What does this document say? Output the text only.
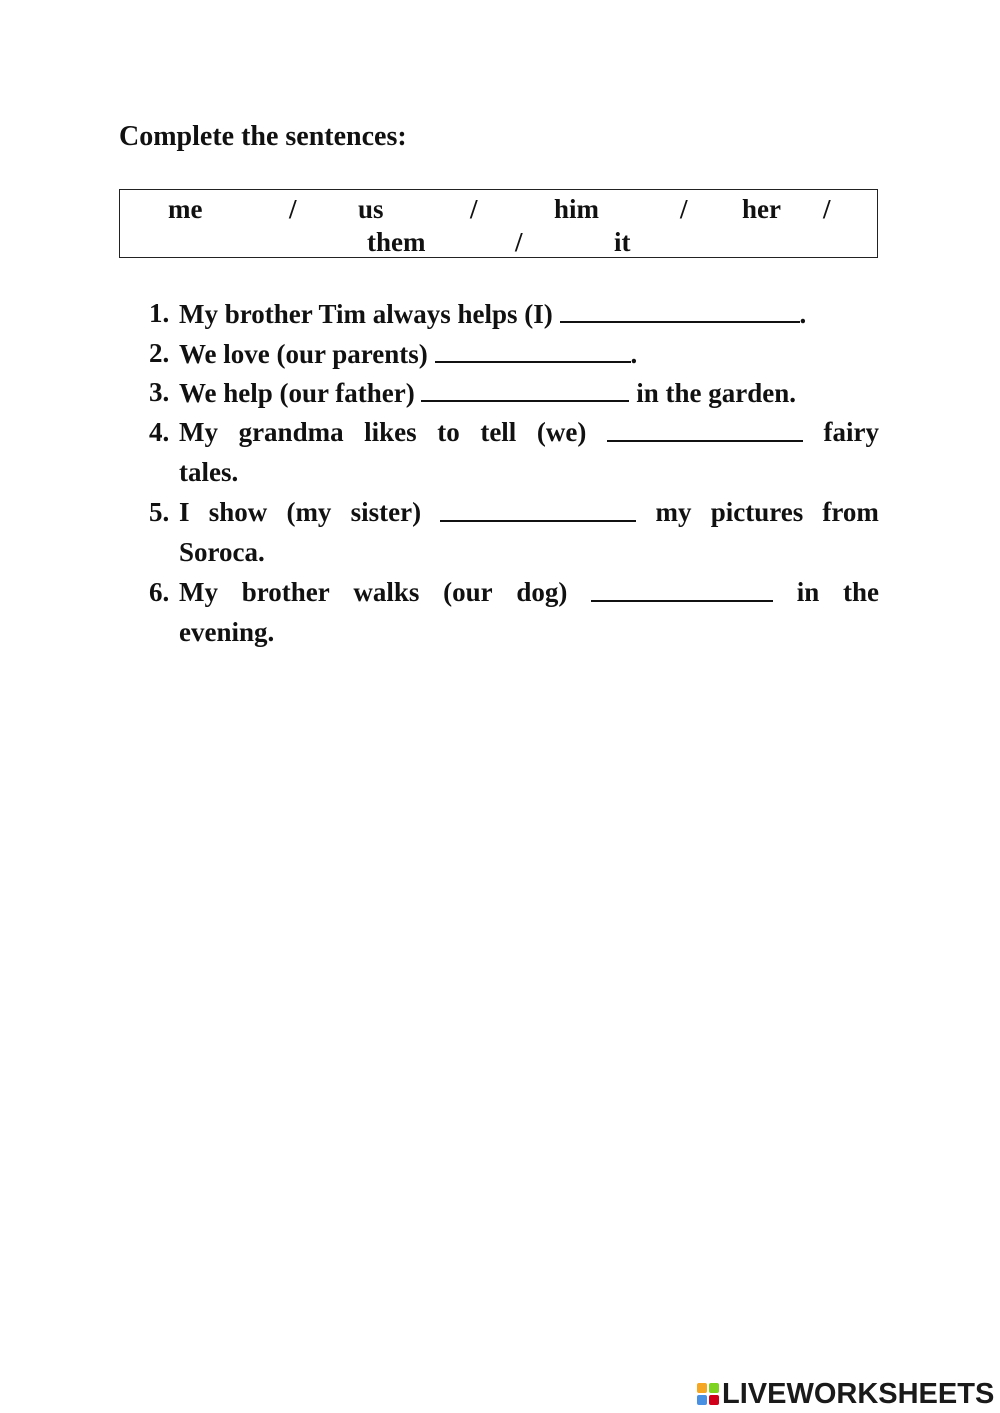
Complete the sentences:
me	/ us	/	him	/ her /
them	/	it
1. My brother Tim always helps (I)	.
2. We love (our parents)	.
3. We help (our father)	in the garden.
4. My grandma likes to tell (we)	fairy
tales.
5. I show (my sister)	my pictures from
Soroca.
6. My brother walks (our dog)	in the
evening.
LIVEWORKSHEETS
